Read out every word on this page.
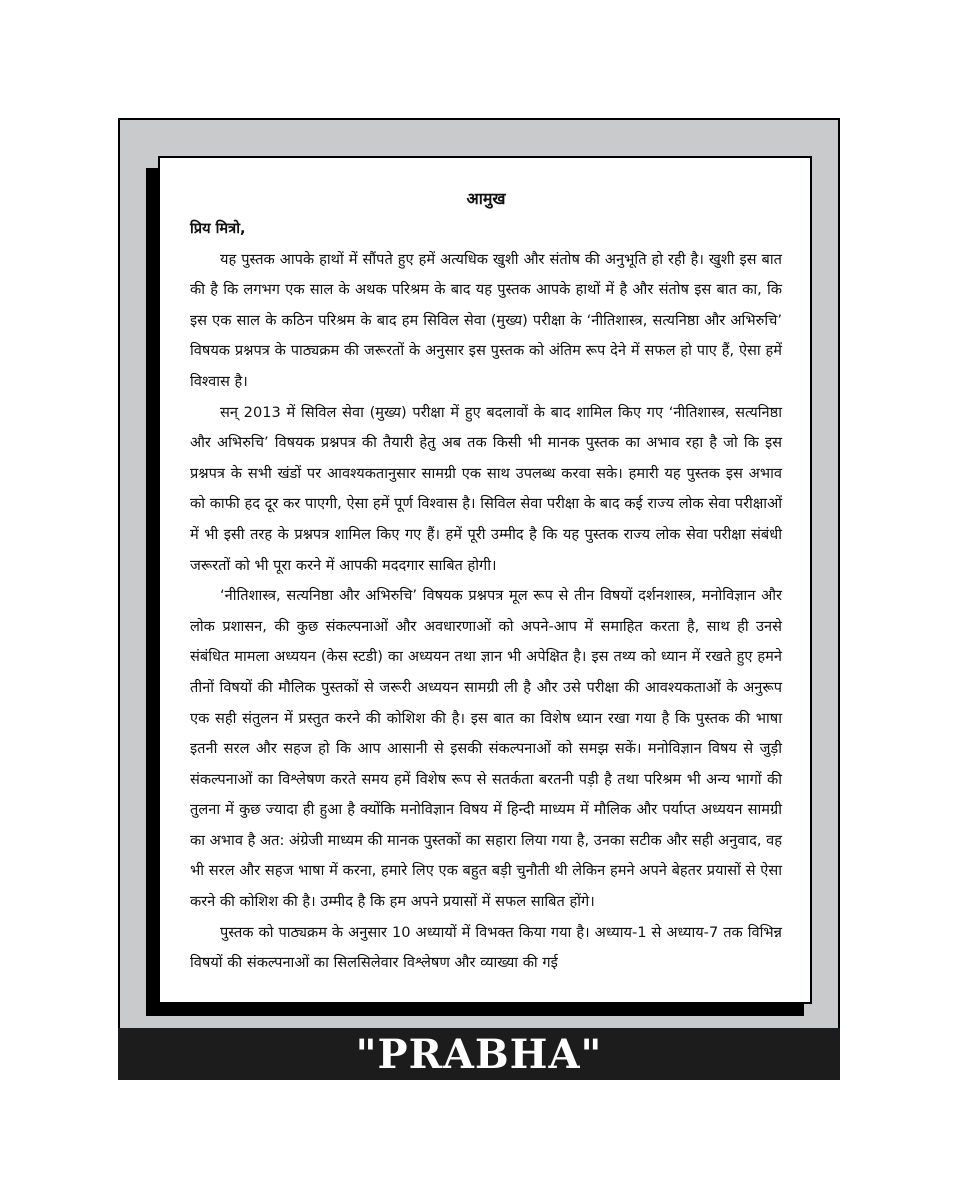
आमुख

प्रिय मित्रो,

यह पुस्तक आपके हाथों में सौंपते हुए हमें अत्यधिक खुशी और संतोष की अनुभूति हो रही है। खुशी इस बात की है कि लगभग एक साल के अथक परिश्रम के बाद यह पुस्तक आपके हाथों में है और संतोष इस बात का, कि इस एक साल के कठिन परिश्रम के बाद हम सिविल सेवा (मुख्य) परीक्षा के ‘नीतिशास्त्र, सत्यनिष्ठा और अभिरुचि’ विषयक प्रश्नपत्र के पाठ्यक्रम की जरूरतों के अनुसार इस पुस्तक को अंतिम रूप देने में सफल हो पाए हैं, ऐसा हमें विश्वास है।

सन् 2013 में सिविल सेवा (मुख्य) परीक्षा में हुए बदलावों के बाद शामिल किए गए ‘नीतिशास्त्र, सत्यनिष्ठा और अभिरुचि’ विषयक प्रश्नपत्र की तैयारी हेतु अब तक किसी भी मानक पुस्तक का अभाव रहा है जो कि इस प्रश्नपत्र के सभी खंडों पर आवश्यकतानुसार सामग्री एक साथ उपलब्ध करवा सके। हमारी यह पुस्तक इस अभाव को काफी हद दूर कर पाएगी, ऐसा हमें पूर्ण विश्वास है। सिविल सेवा परीक्षा के बाद कई राज्य लोक सेवा परीक्षाओं में भी इसी तरह के प्रश्नपत्र शामिल किए गए हैं। हमें पूरी उम्मीद है कि यह पुस्तक राज्य लोक सेवा परीक्षा संबंधी जरूरतों को भी पूरा करने में आपकी मददगार साबित होगी।

‘नीतिशास्त्र, सत्यनिष्ठा और अभिरुचि’ विषयक प्रश्नपत्र मूल रूप से तीन विषयों दर्शनशास्त्र, मनोविज्ञान और लोक प्रशासन, की कुछ संकल्पनाओं और अवधारणाओं को अपने-आप में समाहित करता है, साथ ही उनसे संबंधित मामला अध्ययन (केस स्टडी) का अध्ययन तथा ज्ञान भी अपेक्षित है। इस तथ्य को ध्यान में रखते हुए हमने तीनों विषयों की मौलिक पुस्तकों से जरूरी अध्ययन सामग्री ली है और उसे परीक्षा की आवश्यकताओं के अनुरूप एक सही संतुलन में प्रस्तुत करने की कोशिश की है। इस बात का विशेष ध्यान रखा गया है कि पुस्तक की भाषा इतनी सरल और सहज हो कि आप आसानी से इसकी संकल्पनाओं को समझ सकें। मनोविज्ञान विषय से जुड़ी संकल्पनाओं का विश्लेषण करते समय हमें विशेष रूप से सतर्कता बरतनी पड़ी है तथा परिश्रम भी अन्य भागों की तुलना में कुछ ज्यादा ही हुआ है क्योंकि मनोविज्ञान विषय में हिन्दी माध्यम में मौलिक और पर्याप्त अध्ययन सामग्री का अभाव है अत: अंग्रेजी माध्यम की मानक पुस्तकों का सहारा लिया गया है, उनका सटीक और सही अनुवाद, वह भी सरल और सहज भाषा में करना, हमारे लिए एक बहुत बड़ी चुनौती थी लेकिन हमने अपने बेहतर प्रयासों से ऐसा करने की कोशिश की है। उम्मीद है कि हम अपने प्रयासों में सफल साबित होंगे।

पुस्तक को पाठ्यक्रम के अनुसार 10 अध्यायों में विभक्त किया गया है। अध्याय-1 से अध्याय-7 तक विभिन्न विषयों की संकल्पनाओं का सिलसिलेवार विश्लेषण और व्याख्या की गई

"PRABHA"
